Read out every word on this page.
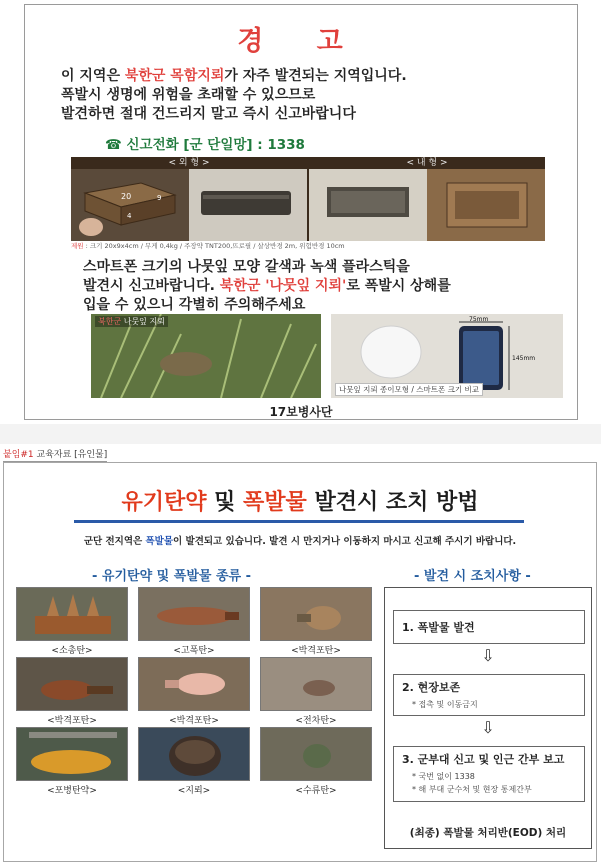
경 고
이 지역은 북한군 목함지뢰가 자주 발견되는 지역입니다.
폭발시 생명에 위험을 초래할 수 있으므로
발견하면 절대 건드리지 말고 즉시 신고바랍니다
☎ 신고전화 [군 단일망] : 1338
< 외 형 >	< 내 형 >
20	9
4
제원 : 크기 20x9x4cm / 무게 0,4kg / 주장약 TNT200,뜨로필 / 살상반경 2m, 위험반경 10cm
스마트폰 크기의 나뭇잎 모양 갈색과 녹색 플라스틱을
발견시 신고바랍니다. 북한군 '나뭇잎 지뢰'로 폭발시 상해를
입을 수 있으니 각별히 주의해주세요
북한군 나뭇잎 지뢰	75mm
145mm
나뭇잎 지뢰 종이모형 / 스마트폰 크기 비교
17보병사단
붙임#1 교육자료 [유인물]
유기탄약 및 폭발물 발견시 조치 방법
군단 전지역은 폭발물이 발견되고 있습니다. 발견 시 만지거나 이동하지 마시고 신고해 주시기 바랍니다.
- 유기탄약 및 폭발물 종류 -	- 발견 시 조치사항 -
<소총탄>	<고폭탄>	<박격포탄>
<박격포탄>	<박격포탄>	<전차탄>
<포병탄약>	<지뢰>	<수류탄>
1. 폭발물 발견
⇩
2. 현장보존
* 접촉 및 이동금지
⇩
3. 군부대 신고 및 인근 간부 보고
* 국번 없이 1338
* 해 부대 군수처 및 현장 통제간부
(최종) 폭발물 처리반(EOD) 처리
